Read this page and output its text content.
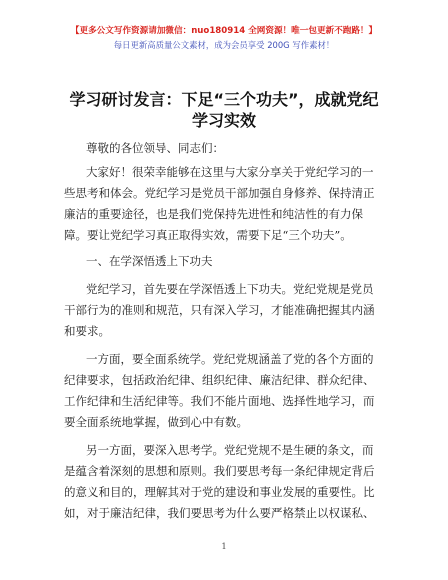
【更多公文写作资源请加微信：nuo180914 全网资源！唯一包更新不跑路！】
每日更新高质量公文素材，成为会员享受 200G 写作素材！
学习研讨发言：下足“三个功夫”，成就党纪
学习实效
尊敬的各位领导、同志们：
大家好！很荣幸能够在这里与大家分享关于党纪学习的一
些思考和体会。党纪学习是党员干部加强自身修养、保持清正
廉洁的重要途径，也是我们党保持先进性和纯洁性的有力保
障。要让党纪学习真正取得实效，需要下足“三个功夫”。
一、在学深悟透上下功夫
党纪学习，首先要在学深悟透上下功夫。党纪党规是党员
干部行为的准则和规范，只有深入学习，才能准确把握其内涵
和要求。
一方面，要全面系统学。党纪党规涵盖了党的各个方面的
纪律要求，包括政治纪律、组织纪律、廉洁纪律、群众纪律、
工作纪律和生活纪律等。我们不能片面地、选择性地学习，而
要全面系统地掌握，做到心中有数。
另一方面，要深入思考学。党纪党规不是生硬的条文，而
是蕴含着深刻的思想和原则。我们要思考每一条纪律规定背后
的意义和目的，理解其对于党的建设和事业发展的重要性。比
如，对于廉洁纪律，我们要思考为什么要严格禁止以权谋私、
1
